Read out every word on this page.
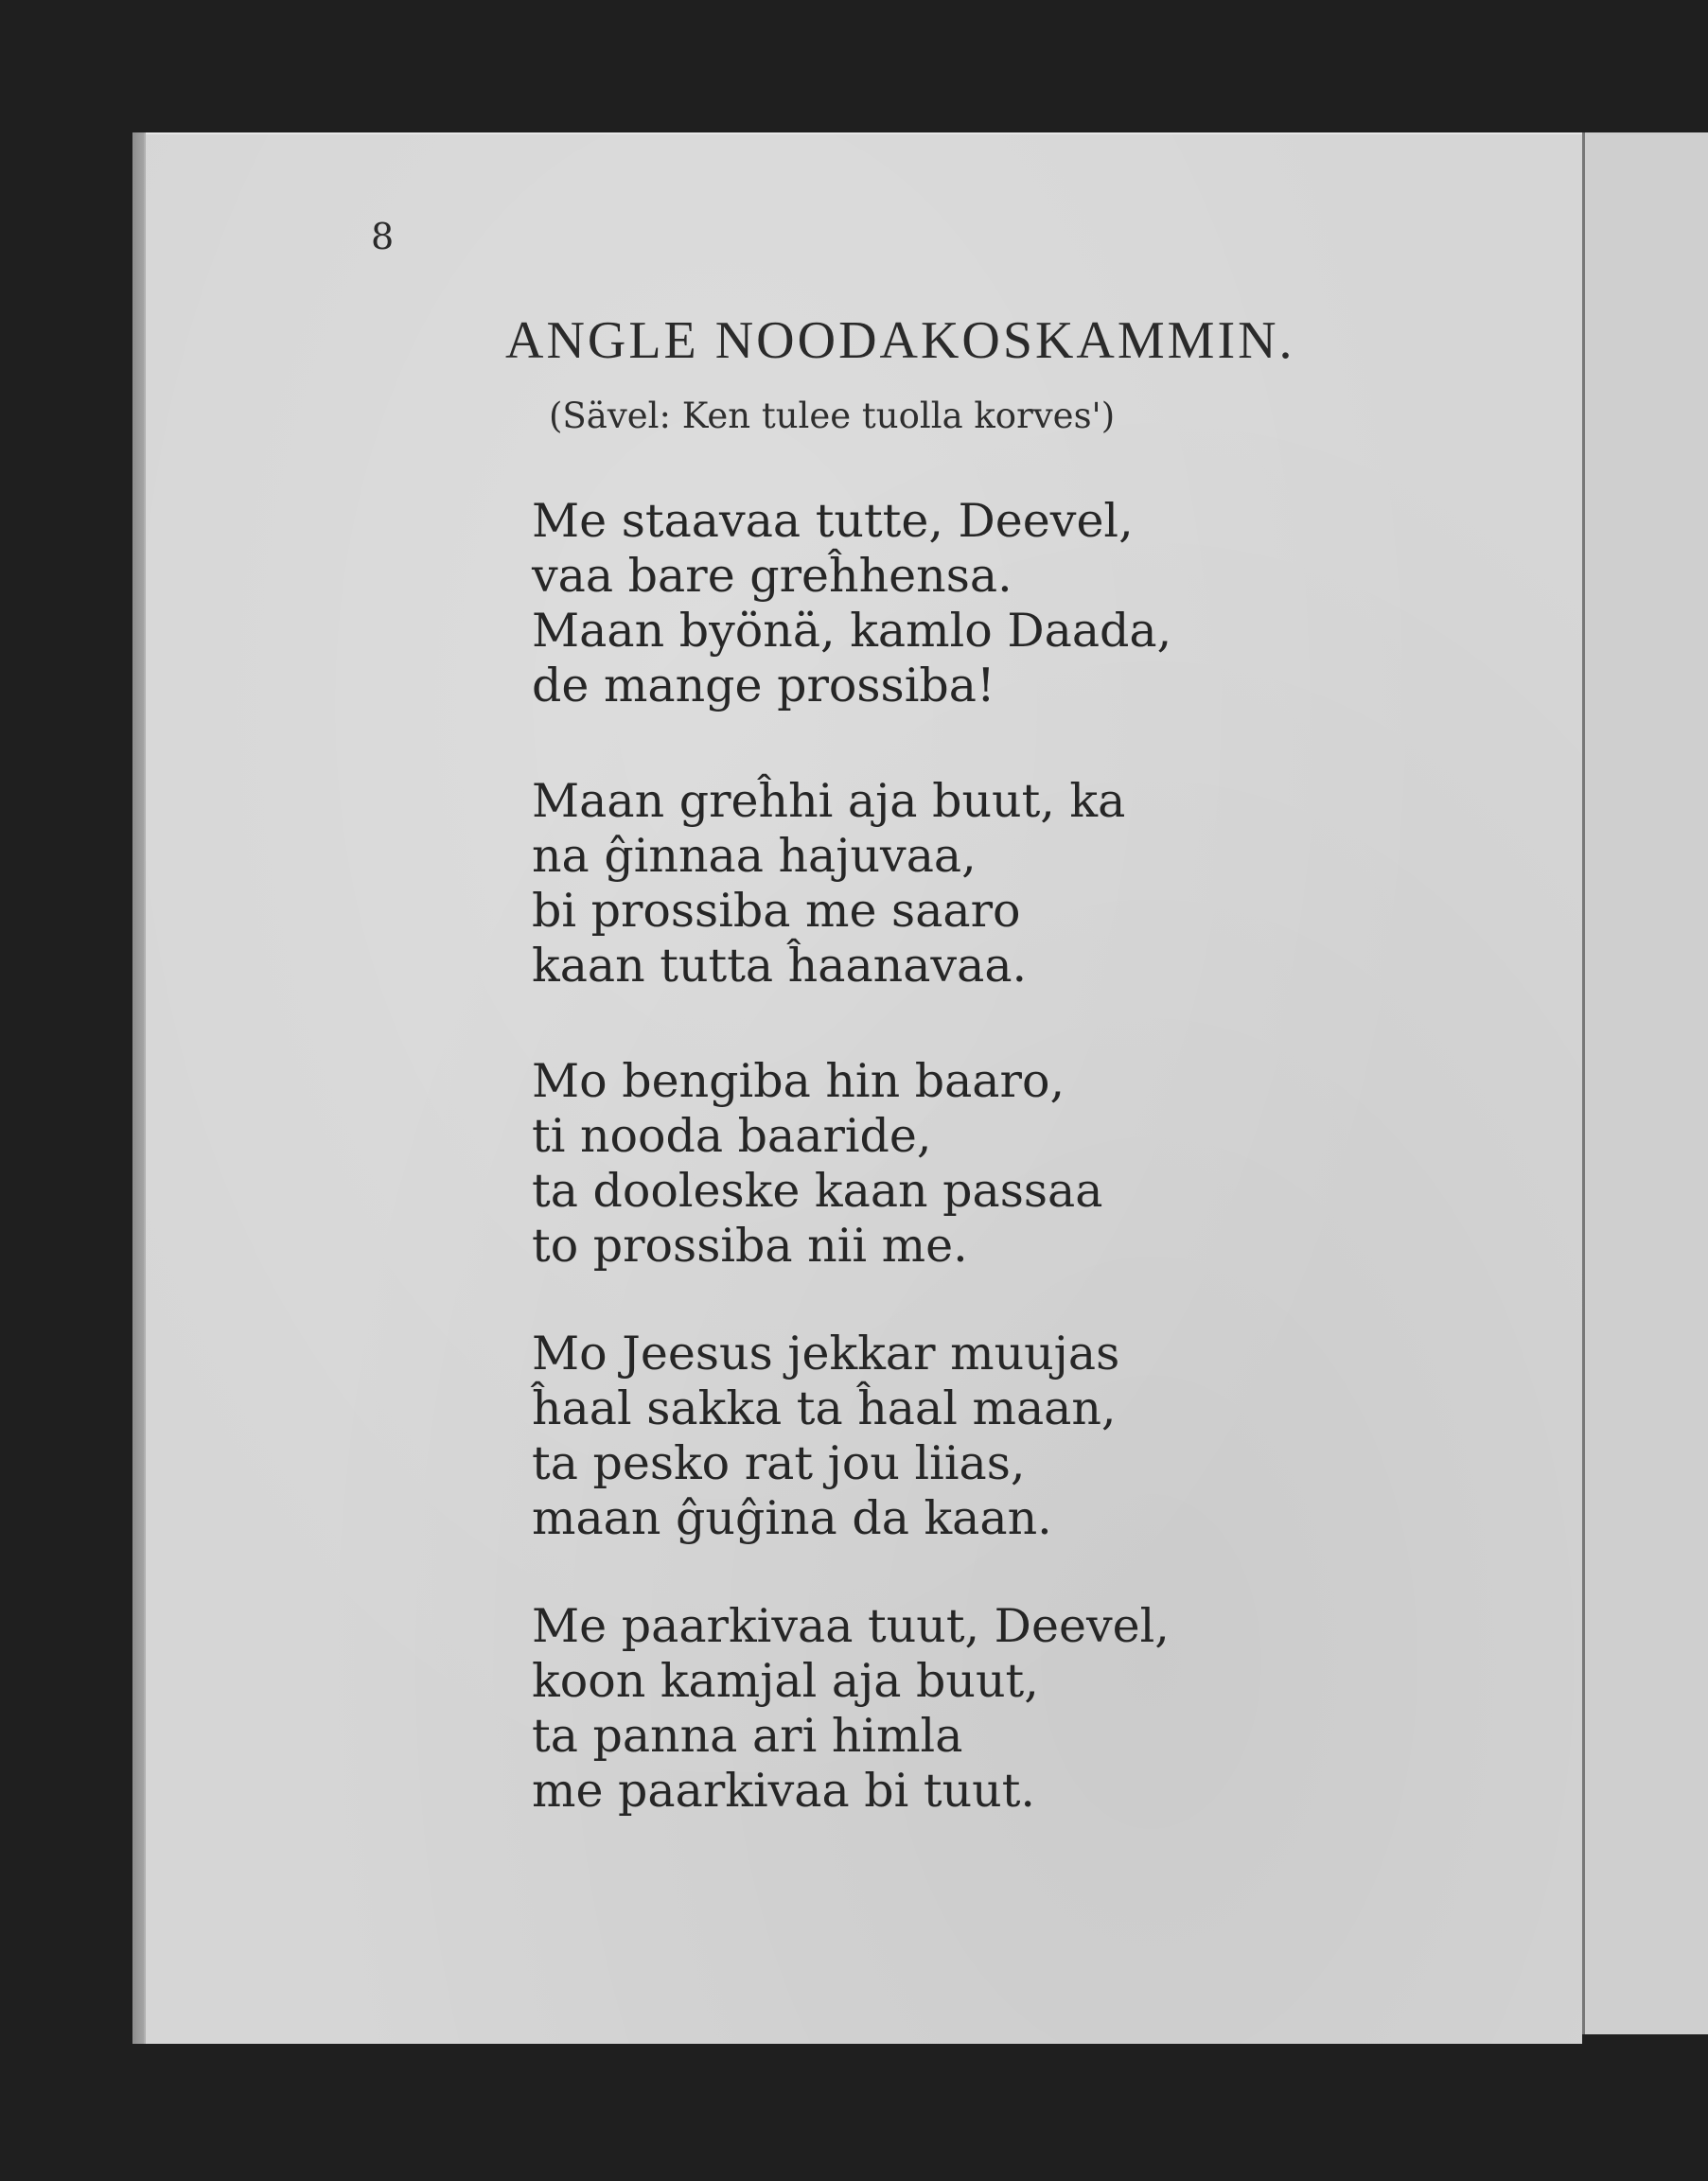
8
ANGLE NOODAKOSKAMMIN.
(Sävel: Ken tulee tuolla korves')
Me staavaa tutte, Deevel,
vaa bare greĥhensa.
Maan byönä, kamlo Daada,
de mange prossiba!
Maan greĥhi aja buut, ka
na ĝinnaa hajuvaa,
bi prossiba me saaro
kaan tutta ĥaanavaa.
Mo bengiba hin baaro,
ti nooda baaride,
ta dooleske kaan passaa
to prossiba nii me.
Mo Jeesus jekkar muujas
ĥaal sakka ta ĥaal maan,
ta pesko rat jou liias,
maan ĝuĝina da kaan.
Me paarkivaa tuut, Deevel,
koon kamjal aja buut,
ta panna ari himla
me paarkivaa bi tuut.
